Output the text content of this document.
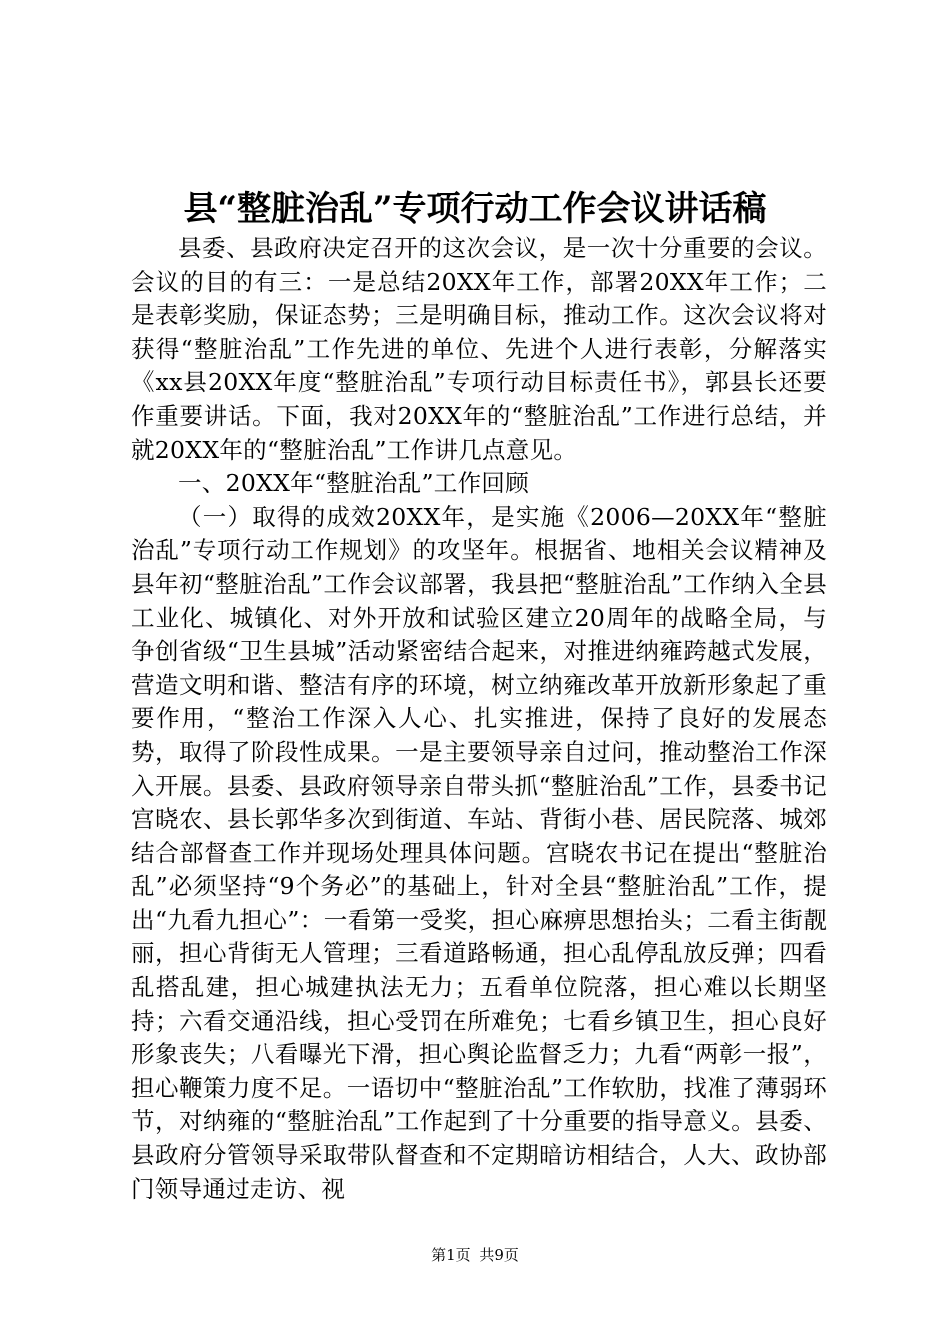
县“整脏治乱”专项行动工作会议讲话稿

县委、县政府决定召开的这次会议，是一次十分重要的会议。会议的目的有三：一是总结20XX年工作，部署20XX年工作；二是表彰奖励，保证态势；三是明确目标，推动工作。这次会议将对获得“整脏治乱”工作先进的单位、先进个人进行表彰，分解落实《xx县20XX年度“整脏治乱”专项行动目标责任书》，郭县长还要作重要讲话。下面，我对20XX年的“整脏治乱”工作进行总结，并就20XX年的“整脏治乱”工作讲几点意见。

一、20XX年“整脏治乱”工作回顾

（一）取得的成效20XX年，是实施《2006—20XX年“整脏治乱”专项行动工作规划》的攻坚年。根据省、地相关会议精神及县年初“整脏治乱”工作会议部署，我县把“整脏治乱”工作纳入全县工业化、城镇化、对外开放和试验区建立20周年的战略全局，与争创省级“卫生县城”活动紧密结合起来，对推进纳雍跨越式发展，营造文明和谐、整洁有序的环境，树立纳雍改革开放新形象起了重要作用，“整治工作深入人心、扎实推进，保持了良好的发展态势，取得了阶段性成果。一是主要领导亲自过问，推动整治工作深入开展。县委、县政府领导亲自带头抓“整脏治乱”工作，县委书记宫晓农、县长郭华多次到街道、车站、背街小巷、居民院落、城郊结合部督查工作并现场处理具体问题。宫晓农书记在提出“整脏治乱”必须坚持“9个务必”的基础上，针对全县“整脏治乱”工作，提出“九看九担心”：一看第一受奖，担心麻痹思想抬头；二看主街靓丽，担心背街无人管理；三看道路畅通，担心乱停乱放反弹；四看乱搭乱建，担心城建执法无力；五看单位院落，担心难以长期坚持；六看交通沿线，担心受罚在所难免；七看乡镇卫生，担心良好形象丧失；八看曝光下滑，担心舆论监督乏力；九看“两彰一报”，担心鞭策力度不足。一语切中“整脏治乱”工作软肋，找准了薄弱环节，对纳雍的“整脏治乱”工作起到了十分重要的指导意义。县委、县政府分管领导采取带队督查和不定期暗访相结合，人大、政协部门领导通过走访、视

第1页 共9页
